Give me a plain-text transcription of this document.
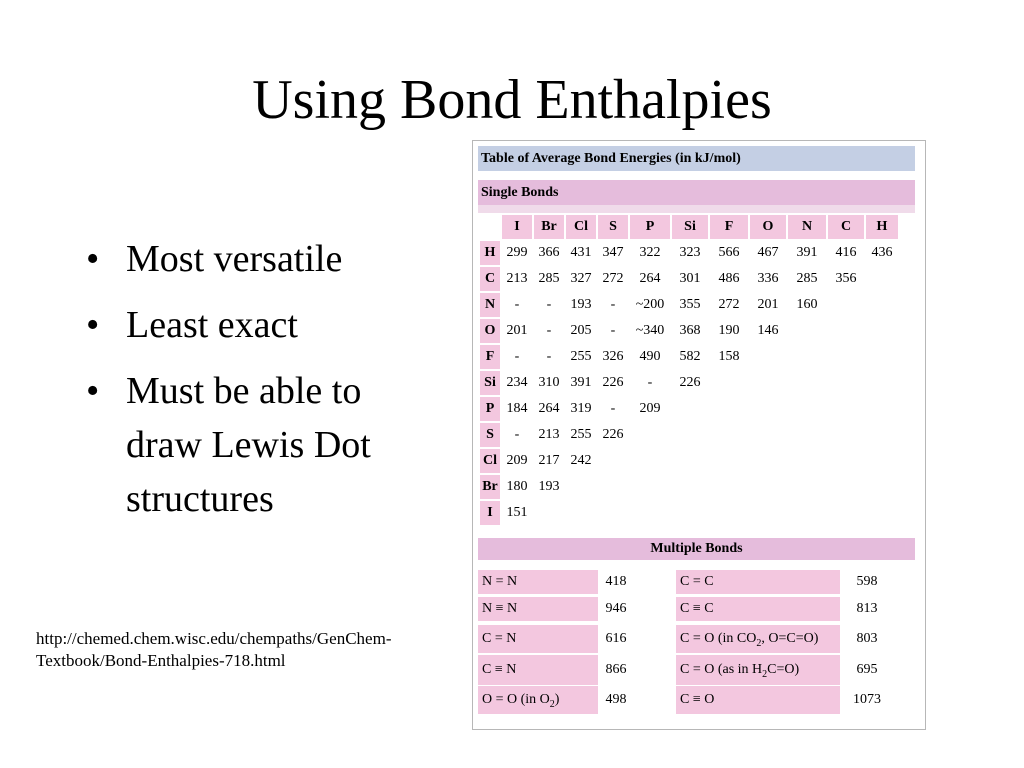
Using Bond Enthalpies
• Most versatile
• Least exact
• Must be able to draw Lewis Dot structures
http://chemed.chem.wisc.edu/chempaths/GenChem-Textbook/Bond-Enthalpies-718.html
Table of Average Bond Energies (in kJ/mol)
Single Bonds
	I	Br	Cl	S	P	Si	F	O	N	C	H
H	299	366	431	347	322	323	566	467	391	416	436
C	213	285	327	272	264	301	486	336	285	356	
N	-	-	193	-	~200	355	272	201	160		
O	201	-	205	-	~340	368	190	146			
F	-	-	255	326	490	582	158				
Si	234	310	391	226	-	226					
P	184	264	319	-	209						
S	-	213	255	226							
Cl	209	217	242								
Br	180	193									
I	151										
Multiple Bonds
N = N	418	C = C	598
N ≡ N	946	C ≡ C	813
C = N	616	C = O (in $CO_2$, O=C=O)	803
C ≡ N	866	C = O (as in $H_2C=O$)	695
O = O (in $O_2$)	498	C ≡ O	1073
